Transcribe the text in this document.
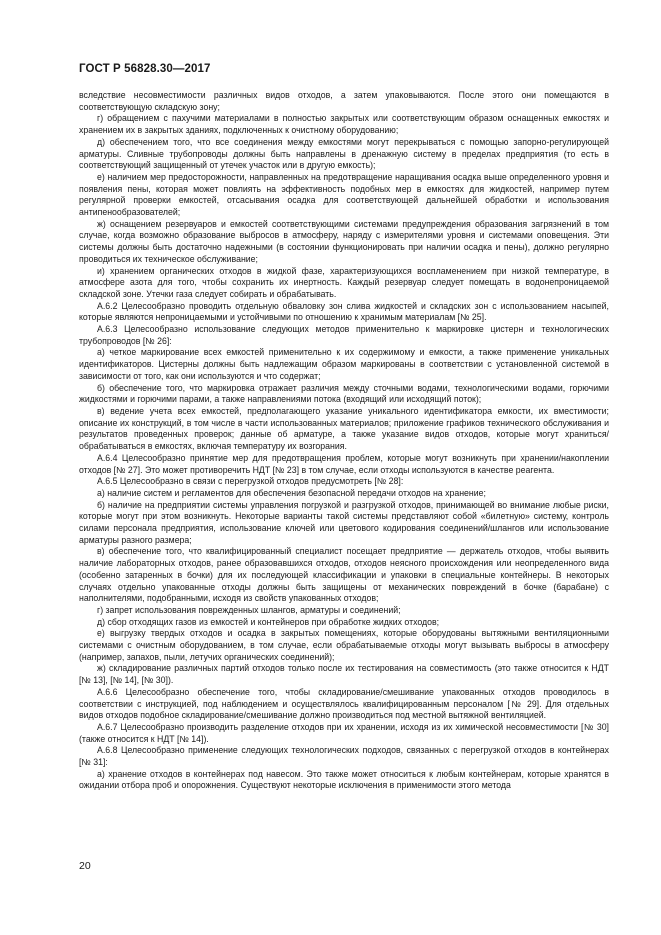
ГОСТ Р 56828.30—2017

вследствие несовместимости различных видов отходов, а затем упаковываются. После этого они помещаются в соответствующую складскую зону;

г) обращением с пахучими материалами в полностью закрытых или соответствующим образом оснащенных емкостях и хранением их в закрытых зданиях, подключенных к очистному оборудованию;

д) обеспечением того, что все соединения между емкостями могут перекрываться с помощью запорно-регулирующей арматуры. Сливные трубопроводы должны быть направлены в дренажную систему в пределах предприятия (то есть в соответствующий защищенный от утечек участок или в другую емкость);

е) наличием мер предосторожности, направленных на предотвращение наращивания осадка выше определенного уровня и появления пены, которая может повлиять на эффективность подобных мер в емкостях для жидкостей, например путем регулярной проверки емкостей, отсасывания осадка для соответствующей дальнейшей обработки и использования антипенообразователей;

ж) оснащением резервуаров и емкостей соответствующими системами предупреждения образования загрязнений в том случае, когда возможно образование выбросов в атмосферу, наряду с измерителями уровня и системами оповещения. Эти системы должны быть достаточно надежными (в состоянии функционировать при наличии осадка и пены), должно регулярно проводиться их техническое обслуживание;

и) хранением органических отходов в жидкой фазе, характеризующихся воспламенением при низкой температуре, в атмосфере азота для того, чтобы сохранить их инертность. Каждый резервуар следует помещать в водонепроницаемой складской зоне. Утечки газа следует собирать и обрабатывать.

А.6.2 Целесообразно проводить отдельную обваловку зон слива жидкостей и складских зон с использованием насыпей, которые являются непроницаемыми и устойчивыми по отношению к хранимым материалам [№ 25].

А.6.3 Целесообразно использование следующих методов применительно к маркировке цистерн и технологических трубопроводов [№ 26]:

а) четкое маркирование всех емкостей применительно к их содержимому и емкости, а также применение уникальных идентификаторов. Цистерны должны быть надлежащим образом маркированы в соответствии с установленной системой в зависимости от того, как они используются и что содержат;

б) обеспечение того, что маркировка отражает различия между сточными водами, технологическими водами, горючими жидкостями и горючими парами, а также направлениями потока (входящий или исходящий поток);

в) ведение учета всех емкостей, предполагающего указание уникального идентификатора емкости, их вместимости; описание их конструкций, в том числе в части использованных материалов; приложение графиков технического обслуживания и результатов проведенных проверок; данные об арматуре, а также указание видов отходов, которые могут храниться/обрабатываться в емкостях, включая температуру их возгорания.

А.6.4 Целесообразно принятие мер для предотвращения проблем, которые могут возникнуть при хранении/накоплении отходов [№ 27]. Это может противоречить НДТ [№ 23] в том случае, если отходы используются в качестве реагента.

А.6.5 Целесообразно в связи с перегрузкой отходов предусмотреть [№ 28]:

а) наличие систем и регламентов для обеспечения безопасной передачи отходов на хранение;

б) наличие на предприятии системы управления погрузкой и разгрузкой отходов, принимающей во внимание любые риски, которые могут при этом возникнуть. Некоторые варианты такой системы представляют собой «билетную» систему, контроль силами персонала предприятия, использование ключей или цветового кодирования соединений/шлангов или использование арматуры разного размера;

в) обеспечение того, что квалифицированный специалист посещает предприятие — держатель отходов, чтобы выявить наличие лабораторных отходов, ранее образовавшихся отходов, отходов неясного происхождения или неопределенного вида (особенно затаренных в бочки) для их последующей классификации и упаковки в специальные контейнеры. В некоторых случаях отдельно упакованные отходы должны быть защищены от механических повреждений в бочке (барабане) с наполнителями, подобранными, исходя из свойств упакованных отходов;

г) запрет использования поврежденных шлангов, арматуры и соединений;

д) сбор отходящих газов из емкостей и контейнеров при обработке жидких отходов;

е) выгрузку твердых отходов и осадка в закрытых помещениях, которые оборудованы вытяжными вентиляционными системами с очистным оборудованием, в том случае, если обрабатываемые отходы могут вызывать выбросы в атмосферу (например, запахов, пыли, летучих органических соединений);

ж) складирование различных партий отходов только после их тестирования на совместимость (это также относится к НДТ [№ 13], [№ 14], [№ 30]).

А.6.6 Целесообразно обеспечение того, чтобы складирование/смешивание упакованных отходов проводилось в соответствии с инструкцией, под наблюдением и осуществлялось квалифицированным персоналом [№ 29]. Для отдельных видов отходов подобное складирование/смешивание должно производиться под местной вытяжной вентиляцией.

А.6.7 Целесообразно производить разделение отходов при их хранении, исходя из их химической несовместимости [№ 30] (также относится к НДТ [№ 14]).

А.6.8 Целесообразно применение следующих технологических подходов, связанных с перегрузкой отходов в контейнерах [№ 31]:

а) хранение отходов в контейнерах под навесом. Это также может относиться к любым контейнерам, которые хранятся в ожидании отбора проб и опорожнения. Существуют некоторые исключения в применимости этого метода

20
